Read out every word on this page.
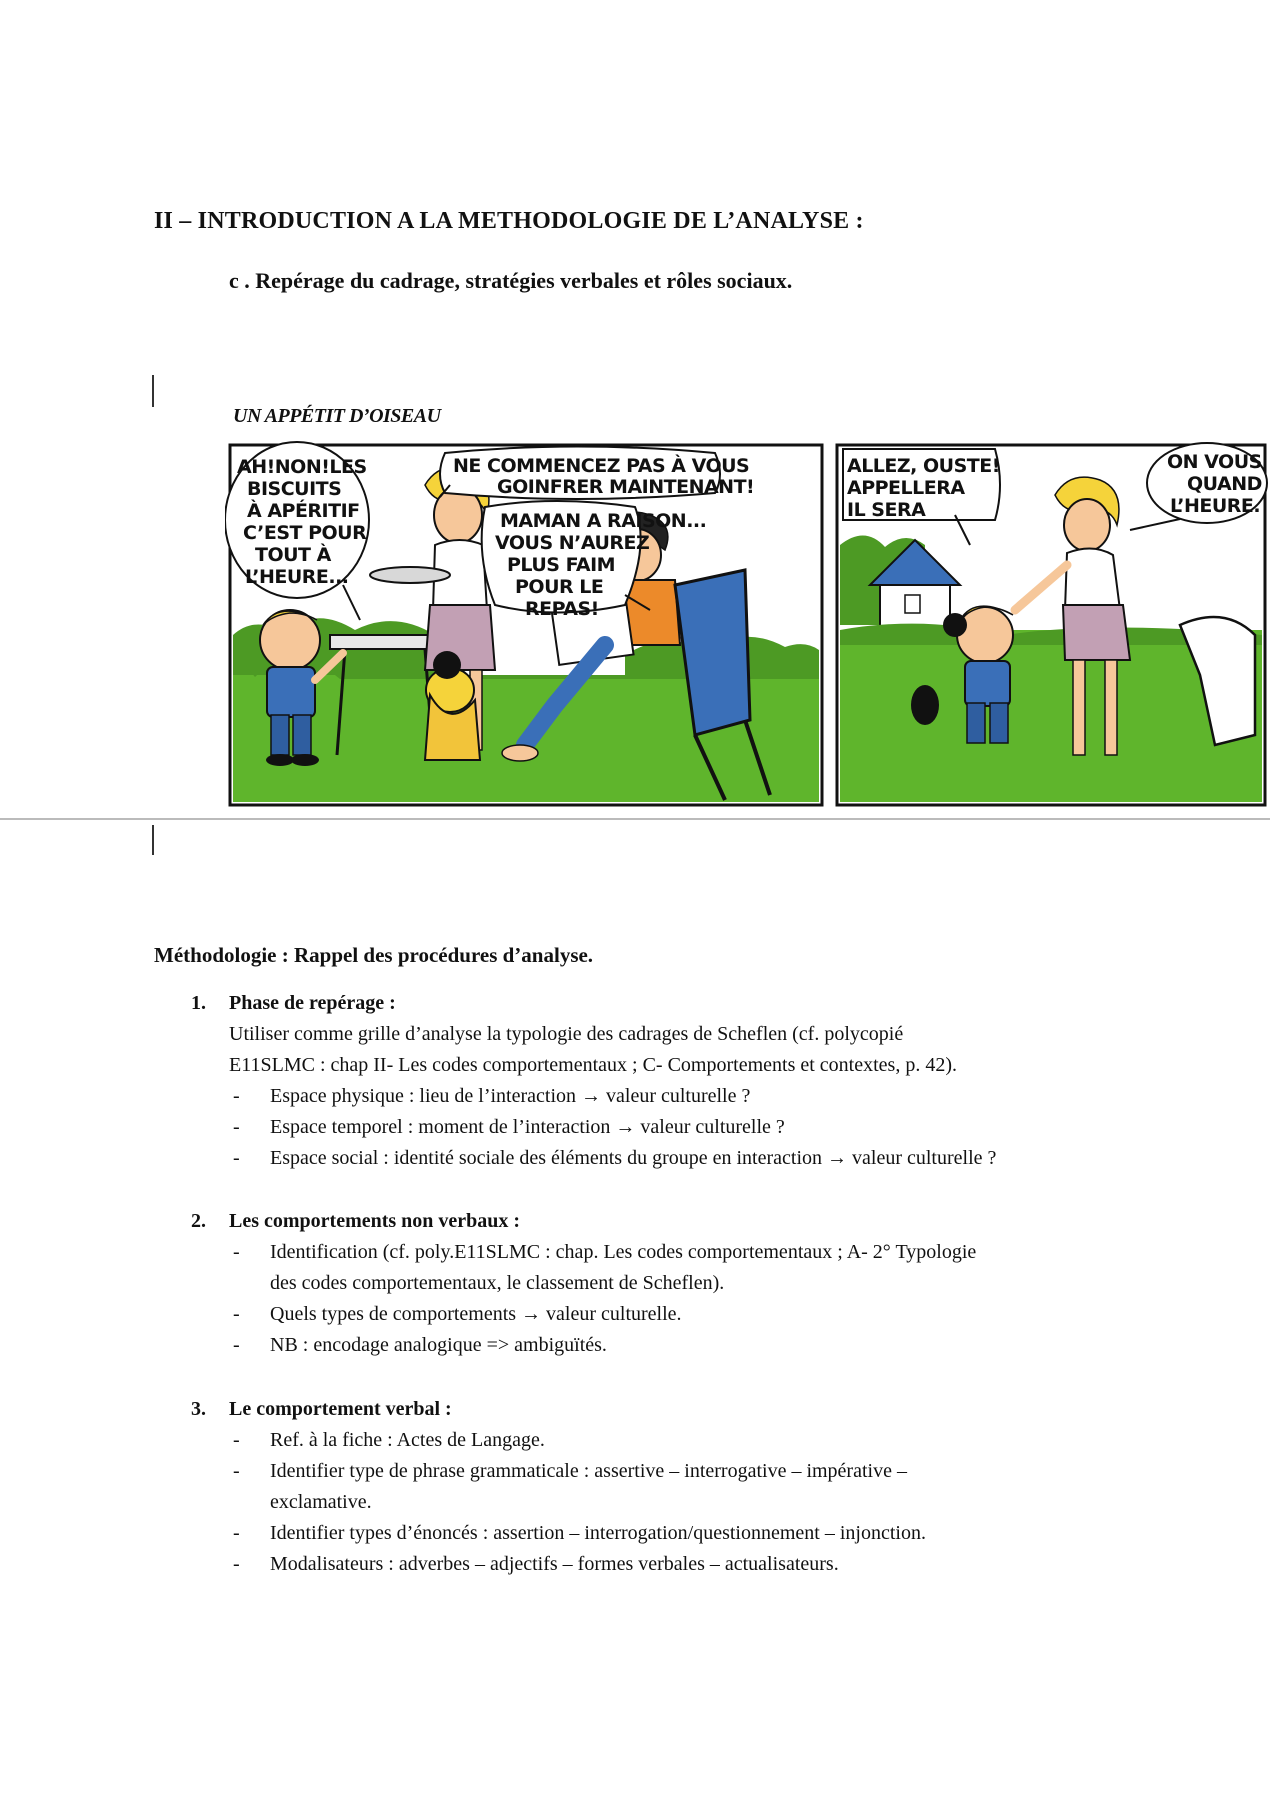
II – INTRODUCTION A LA METHODOLOGIE DE L’ANALYSE :
c . Repérage du cadrage, stratégies verbales et rôles sociaux.
UN APPÉTIT D’OISEAU
AH!NON!LES
BISCUITS
À APÉRITIF
C’EST POUR
TOUT À
L’HEURE...
NE COMMENCEZ PAS À VOUS
GOINFRER MAINTENANT!
MAMAN A RAISON...
VOUS N’AUREZ
PLUS FAIM
POUR LE
REPAS!
ALLEZ, OUSTE!
APPELLERA
IL SERA
ON VOUS
QUAND
L’HEURE.
Méthodologie : Rappel des procédures d’analyse.
1. Phase de repérage :
Utiliser comme grille d’analyse la typologie des cadrages de Scheflen (cf. polycopié
E11SLMC : chap II- Les codes comportementaux ; C- Comportements et contextes, p. 42).
- Espace physique : lieu de l’interaction → valeur culturelle ?
- Espace temporel : moment de l’interaction → valeur culturelle ?
- Espace social : identité sociale des éléments du groupe en interaction → valeur culturelle ?
2. Les comportements non verbaux :
- Identification (cf. poly.E11SLMC : chap. Les codes comportementaux ; A- 2° Typologie
des codes comportementaux, le classement de Scheflen).
- Quels types de comportements → valeur culturelle.
- NB : encodage analogique => ambiguïtés.
3. Le comportement verbal :
- Ref. à la fiche : Actes de Langage.
- Identifier type de phrase grammaticale : assertive – interrogative – impérative –
exclamative.
- Identifier types d’énoncés : assertion – interrogation/questionnement – injonction.
- Modalisateurs : adverbes – adjectifs – formes verbales – actualisateurs.
